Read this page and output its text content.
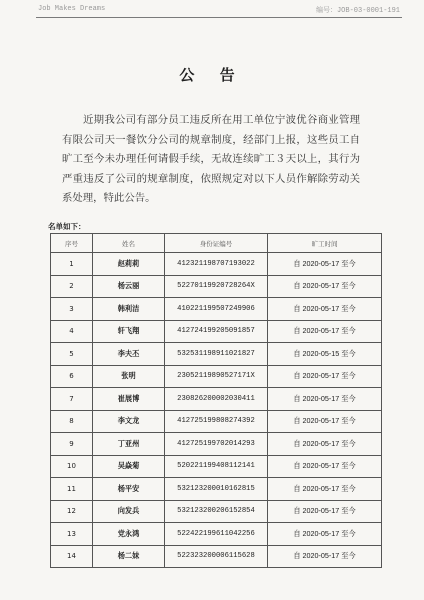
Job Makes Dreams	编号：JOB-03-0001-191
公 告
近期我公司有部分员工违反所在用工单位宁波优谷商业管理有限公司天一餐饮分公司的规章制度，经部门上报，这些员工自旷工至今未办理任何请假手续，无故连续旷工３天以上，其行为严重违反了公司的规章制度，依照规定对以下人员作解除劳动关系处理，特此公告。
名单如下：
序号	姓名	身份证编号	旷工时间
1	赵莉莉	412321198707193022	自 2020-05-17 至今
2	杨云丽	52270119920728264X	自 2020-05-17 至今
3	韩利洁	410221199507249906	自 2020-05-17 至今
4	轩飞翔	412724199205091857	自 2020-05-17 至今
5	李夫丕	532531198911021827	自 2020-05-15 至今
6	张明	23052119890527171X	自 2020-05-17 至今
7	崔展博	230826200002030411	自 2020-05-17 至今
8	李文龙	412725199808274392	自 2020-05-17 至今
9	丁亚州	412725199702014293	自 2020-05-17 至今
10	吴焱菊	520221199408112141	自 2020-05-17 至今
11	杨平安	532123200010162815	自 2020-05-17 至今
12	向发兵	532123200206152854	自 2020-05-17 至今
13	党永鸿	522422199611042256	自 2020-05-17 至今
14	杨二妹	522323200006115628	自 2020-05-17 至今
